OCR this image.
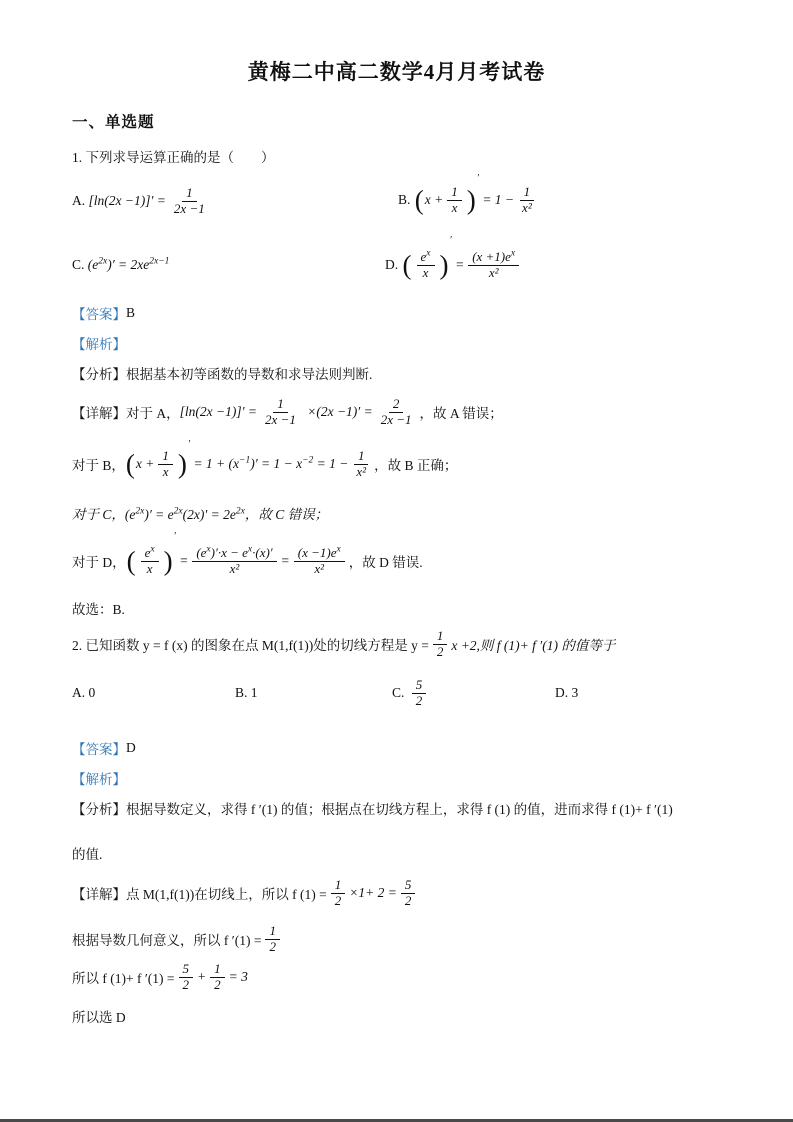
黄梅二中高二数学4月月考试卷
一、单选题
1. 下列求导运算正确的是（　　）
A. $[\ln(2x -1)]' = \frac{1}{2x -1}$	B. ( $x + \frac{1}{x}$ )
′
= $1 - \frac{1}{\text{x²}}$
C. $(e^{2x})' = 2xe^{2x-1}$	D. ( $\frac{e^x}{x}$ )
′
= $\frac{(x +1)e^x}{\text{x²}}$
【答案】 B
【解析】
【分析】根据基本初等函数的导数和求导法则判断.
【详解】对于 A， $[\ln(2x -1)]' = \frac{1}{2x -1} \times(2x -1)' = \frac{2}{2x -1}$ ，故 A 错误；
对于 B， ( $x + \frac{1}{x}$ )
′
= $1 + (x^{-1})' = 1 - x^{-2} = 1 - \frac{1}{\text{x²}}$ ，故 B 正确；
对于 C，$(e^{2x})' = e^{2x}(2x)' = 2e^{2x}$，故 C 错误；
对于 D， ( $\frac{e^x}{x}$ )
′
= $\frac{(e^x)'\cdot x - e^x\cdot(x)'}{\text{x²}} = \frac{(x -1)e^x}{\text{x²}}$ ，故 D 错误.
故选：B.
2. 已知函数 y = f (x) 的图象在点 M(1,f(1))处的切线方程是 $y = \frac{1}{2}$ x +2,则 f (1)+ f ′(1) 的值等于
A. 0	B. 1	C. $\frac{5}{2}$	D. 3
【答案】 D
【解析】
【分析】根据导数定义，求得 f ′(1) 的值；根据点在切线方程上，求得 f (1) 的值，进而求得 f (1)+ f ′(1)
的值.
【详解】点 M(1,f(1))在切线上，所以 f $(1) = \frac{1}{2} \times 1+ 2 = \frac{5}{2}$
根据导数几何意义，所以 f $'(1) = \frac{1}{2}$
所以 f (1)+ f $'(1) = \frac{5}{2} + \frac{1}{2} = 3$
所以选 D
